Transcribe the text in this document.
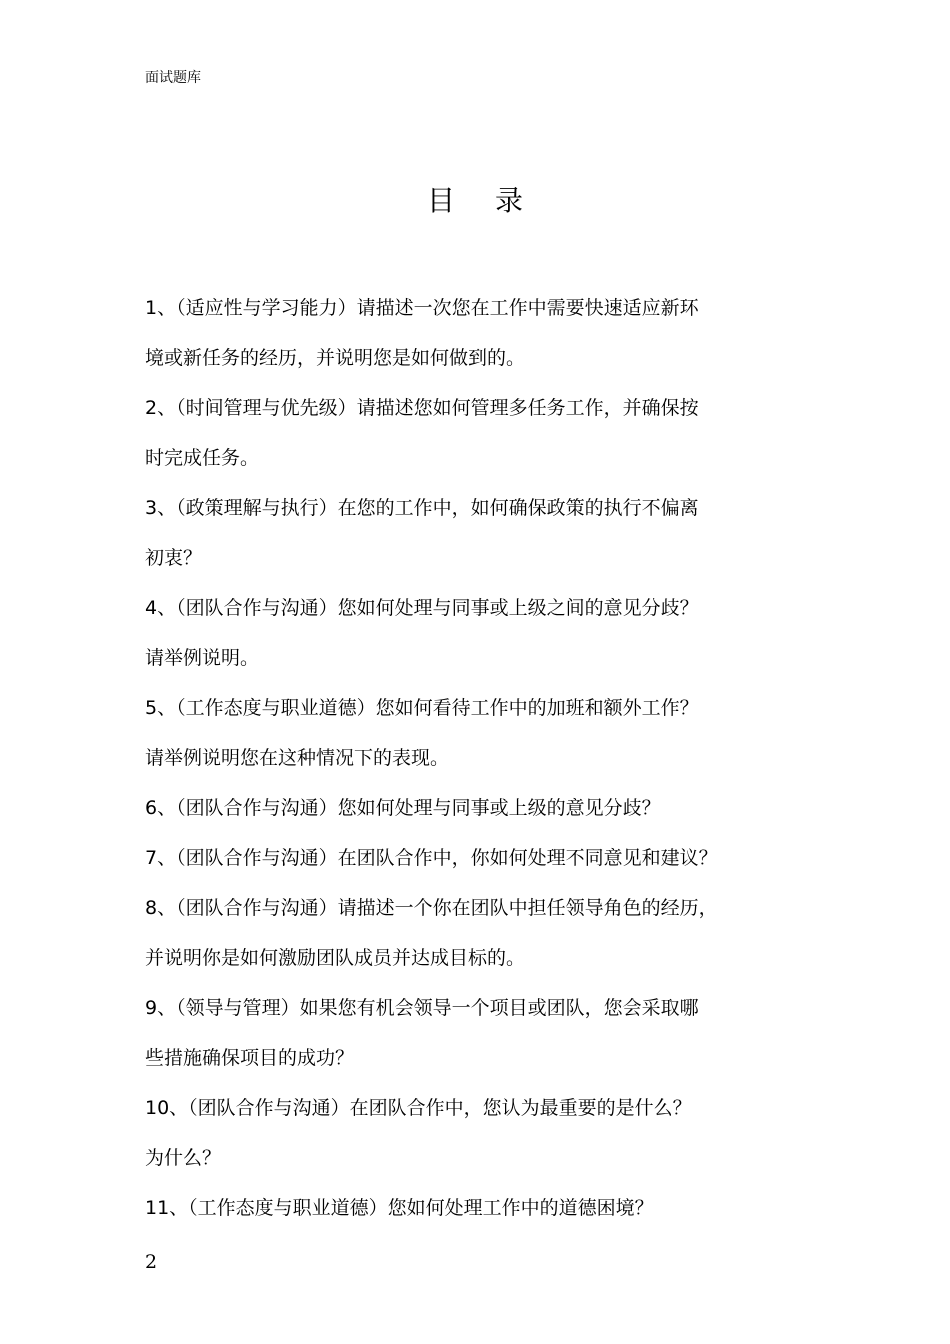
面试题库
目 录
1、（适应性与学习能力）请描述一次您在工作中需要快速适应新环
境或新任务的经历，并说明您是如何做到的。
2、（时间管理与优先级）请描述您如何管理多任务工作，并确保按
时完成任务。
3、（政策理解与执行）在您的工作中，如何确保政策的执行不偏离
初衷？
4、（团队合作与沟通）您如何处理与同事或上级之间的意见分歧？
请举例说明。
5、（工作态度与职业道德）您如何看待工作中的加班和额外工作？
请举例说明您在这种情况下的表现。
6、（团队合作与沟通）您如何处理与同事或上级的意见分歧？
7、（团队合作与沟通）在团队合作中，你如何处理不同意见和建议？
8、（团队合作与沟通）请描述一个你在团队中担任领导角色的经历，
并说明你是如何激励团队成员并达成目标的。
9、（领导与管理）如果您有机会领导一个项目或团队，您会采取哪
些措施确保项目的成功？
10、（团队合作与沟通）在团队合作中，您认为最重要的是什么？
为什么？
11、（工作态度与职业道德）您如何处理工作中的道德困境？
2
